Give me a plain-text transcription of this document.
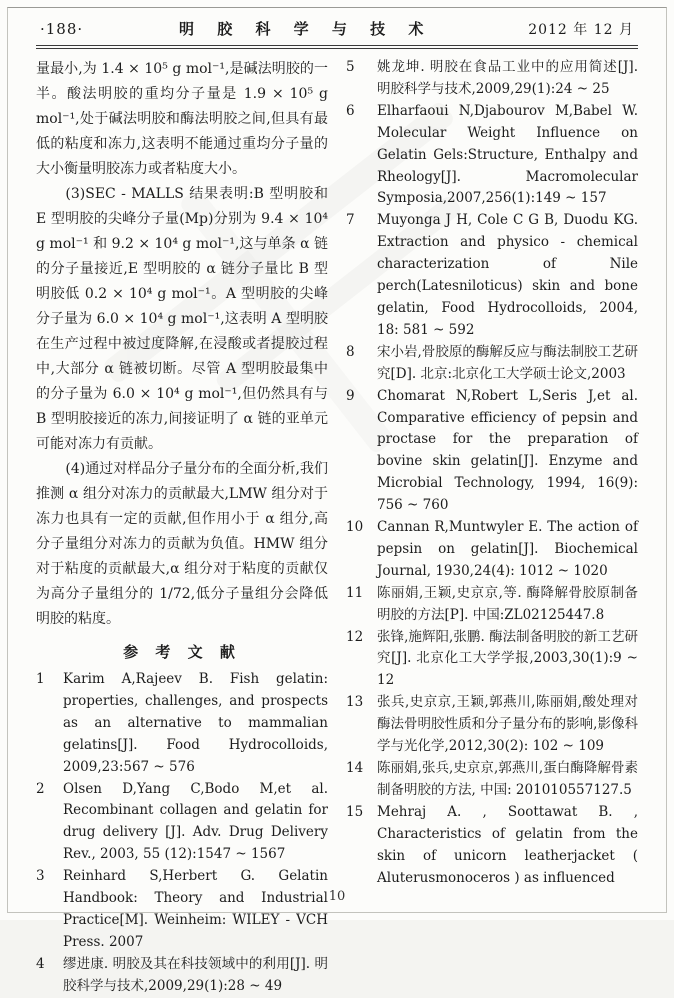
·188·	明 胶 科 学 与 技 术	2012 年 12 月

量最小,为 1.4 × 10⁵ g mol⁻¹,是碱法明胶的一半。酸法明胶的重均分子量是 1.9 × 10⁵ g mol⁻¹,处于碱法明胶和酶法明胶之间,但具有最低的粘度和冻力,这表明不能通过重均分子量的大小衡量明胶冻力或者粘度大小。

(3)SEC - MALLS 结果表明:B 型明胶和 E 型明胶的尖峰分子量(Mp)分别为 9.4 × 10⁴ g mol⁻¹ 和 9.2 × 10⁴ g mol⁻¹,这与单条 α 链的分子量接近,E 型明胶的 α 链分子量比 B 型明胶低 0.2 × 10⁴ g mol⁻¹。A 型明胶的尖峰分子量为 6.0 × 10⁴ g mol⁻¹,这表明 A 型明胶在生产过程中被过度降解,在浸酸或者提胶过程中,大部分 α 链被切断。尽管 A 型明胶最集中的分子量为 6.0 × 10⁴ g mol⁻¹,但仍然具有与 B 型明胶接近的冻力,间接证明了 α 链的亚单元可能对冻力有贡献。

(4)通过对样品分子量分布的全面分析,我们推测 α 组分对冻力的贡献最大,LMW 组分对于冻力也具有一定的贡献,但作用小于 α 组分,高分子量组分对冻力的贡献为负值。HMW 组分对于粘度的贡献最大,α 组分对于粘度的贡献仅为高分子量组分的 1/72,低分子量组分会降低明胶的粘度。

参 考 文 献
1	Karim A,Rajeev B. Fish gelatin: properties, challenges, and prospects as an alternative to mammalian gelatins[J]. Food Hydrocolloids, 2009,23:567 ~ 576
2	Olsen D,Yang C,Bodo M,et al. Recombinant collagen and gelatin for drug delivery [J]. Adv. Drug Delivery Rev., 2003, 55 (12):1547 ~ 1567
3	Reinhard S,Herbert G. Gelatin Handbook: Theory and Industrial Practice[M]. Weinheim: WILEY - VCH Press. 2007
4	缪进康. 明胶及其在科技领域中的利用[J]. 明胶科学与技术,2009,29(1):28 ~ 49
5	姚龙坤. 明胶在食品工业中的应用简述[J]. 明胶科学与技术,2009,29(1):24 ~ 25
6	Elharfaoui N,Djabourov M,Babel W. Molecular Weight Influence on Gelatin Gels:Structure, Enthalpy and Rheology[J]. Macromolecular Symposia,2007,256(1):149 ~ 157
7	Muyonga J H, Cole C G B, Duodu KG. Extraction and physico - chemical characterization of Nile perch(Latesniloticus) skin and bone gelatin, Food Hydrocolloids, 2004, 18: 581 ~ 592
8	宋小岩,骨胶原的酶解反应与酶法制胶工艺研究[D]. 北京:北京化工大学硕士论文,2003
9	Chomarat N,Robert L,Seris J,et al. Comparative efficiency of pepsin and proctase for the preparation of bovine skin gelatin[J]. Enzyme and Microbial Technology, 1994, 16(9): 756 ~ 760
10	Cannan R,Muntwyler E. The action of pepsin on gelatin[J]. Biochemical Journal, 1930,24(4): 1012 ~ 1020
11	陈丽娟,王颖,史京京,等. 酶降解骨胶原制备明胶的方法[P]. 中国:ZL02125447.8
12	张锋,施辉阳,张鹏. 酶法制备明胶的新工艺研究[J]. 北京化工大学学报,2003,30(1):9 ~ 12
13	张兵,史京京,王颖,郭燕川,陈丽娟,酸处理对酶法骨明胶性质和分子量分布的影响,影像科学与光化学,2012,30(2): 102 ~ 109
14	陈丽娟,张兵,史京京,郭燕川,蛋白酶降解骨素制备明胶的方法, 中国: 201010557127.5
15	Mehraj A. , Soottawat B. , Characteristics of gelatin from the skin of unicorn leatherjacket ( Aluterusmonoceros ) as influenced
10
